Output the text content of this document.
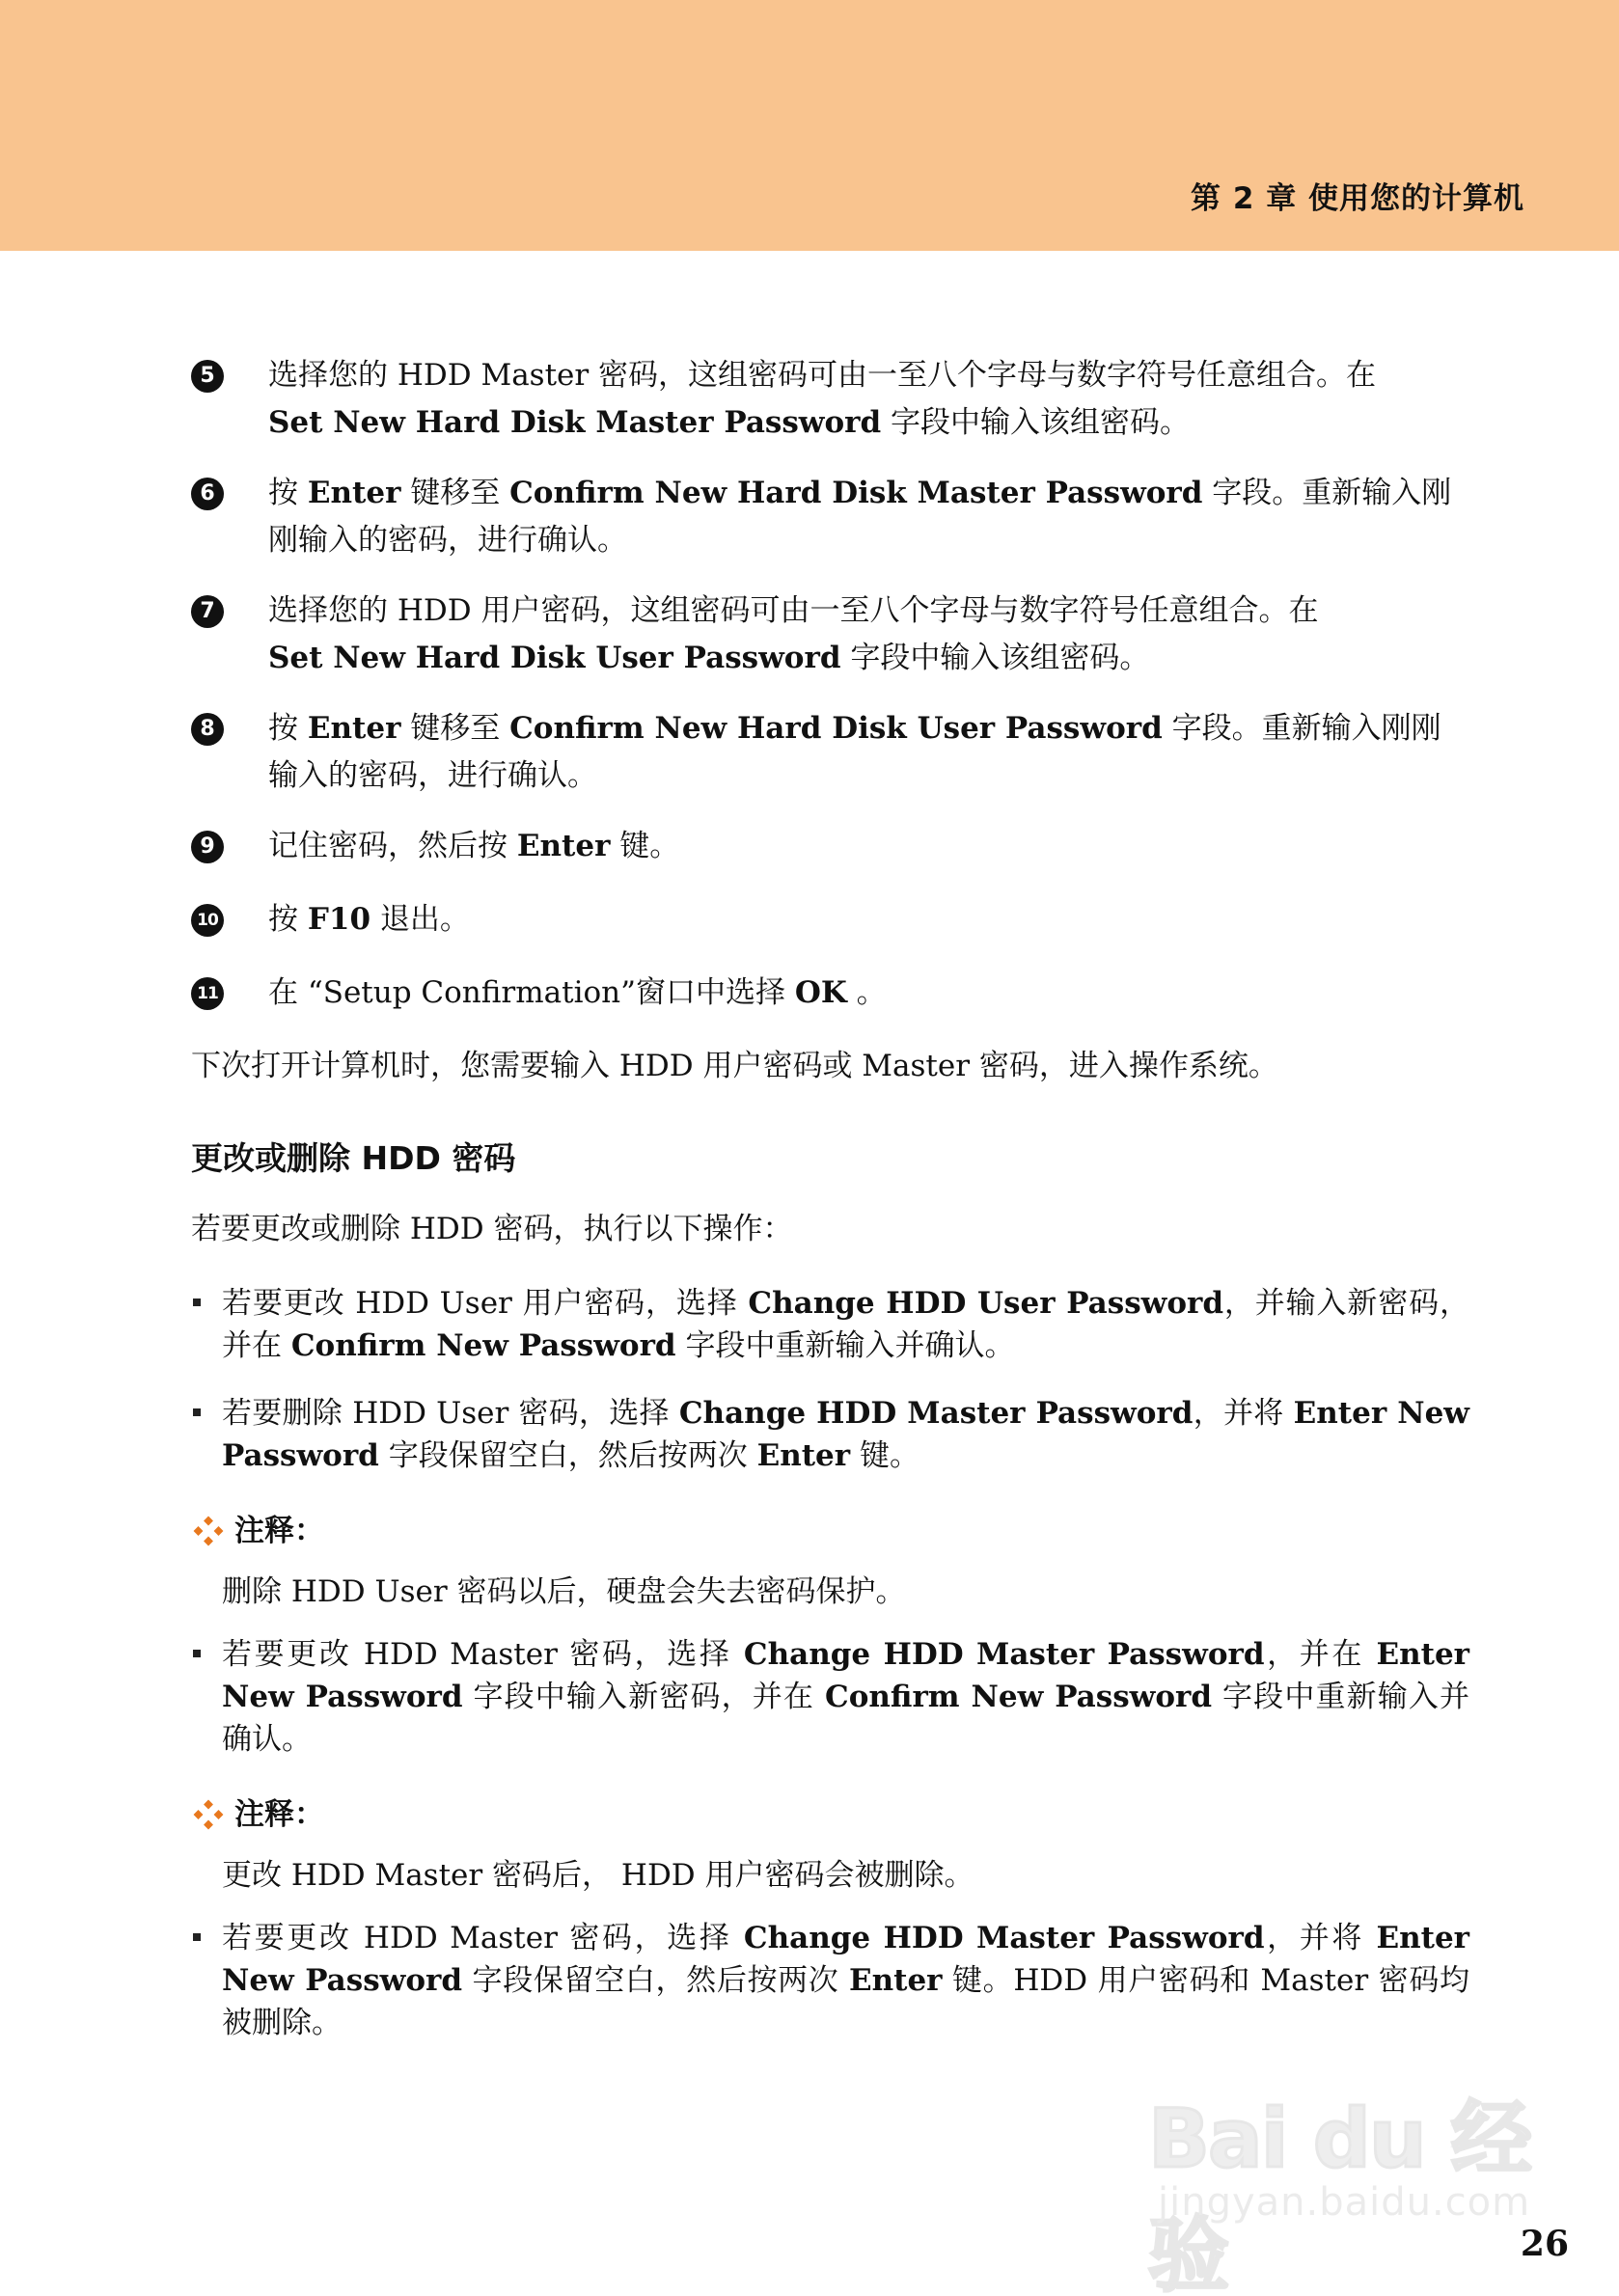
第 2 章 使用您的计算机
5	选择您的 HDD Master 密码，这组密码可由一至八个字母与数字符号任意组合。在
Set New Hard Disk Master Password 字段中输入该组密码。
6	按 Enter 键移至 Confirm New Hard Disk Master Password 字段。重新输入刚刚输入的密码，进行确认。
7	选择您的 HDD 用户密码，这组密码可由一至八个字母与数字符号任意组合。在
Set New Hard Disk User Password 字段中输入该组密码。
8	按 Enter 键移至 Confirm New Hard Disk User Password 字段。重新输入刚刚输入的密码，进行确认。
9	记住密码，然后按 Enter 键。
10 按 F10 退出。
11 在 “Setup Confirmation”窗口中选择 OK 。

下次打开计算机时，您需要输入 HDD 用户密码或 Master 密码，进入操作系统。

更改或删除 HDD 密码

若要更改或删除 HDD 密码，执行以下操作：

若要更改 HDD User 用户密码，选择 Change HDD User Password，并输入新密码，并在 Confirm New Password 字段中重新输入并确认。
若要删除 HDD User 密码，选择 Change HDD Master Password，并将 Enter New Password 字段保留空白，然后按两次 Enter 键。
注释：

删除 HDD User 密码以后，硬盘会失去密码保护。

若要更改 HDD Master 密码，选择 Change HDD Master Password，并在 Enter New Password 字段中输入新密码，并在 Confirm New Password 字段中重新输入并确认。
注释：

更改 HDD Master 密码后， HDD 用户密码会被删除。

若要更改 HDD Master 密码，选择 Change HDD Master Password，并将 Enter New Password 字段保留空白，然后按两次 Enter 键。HDD 用户密码和 Master 密码均被删除。
Bai du 经验
jingyan.baidu.com
26
